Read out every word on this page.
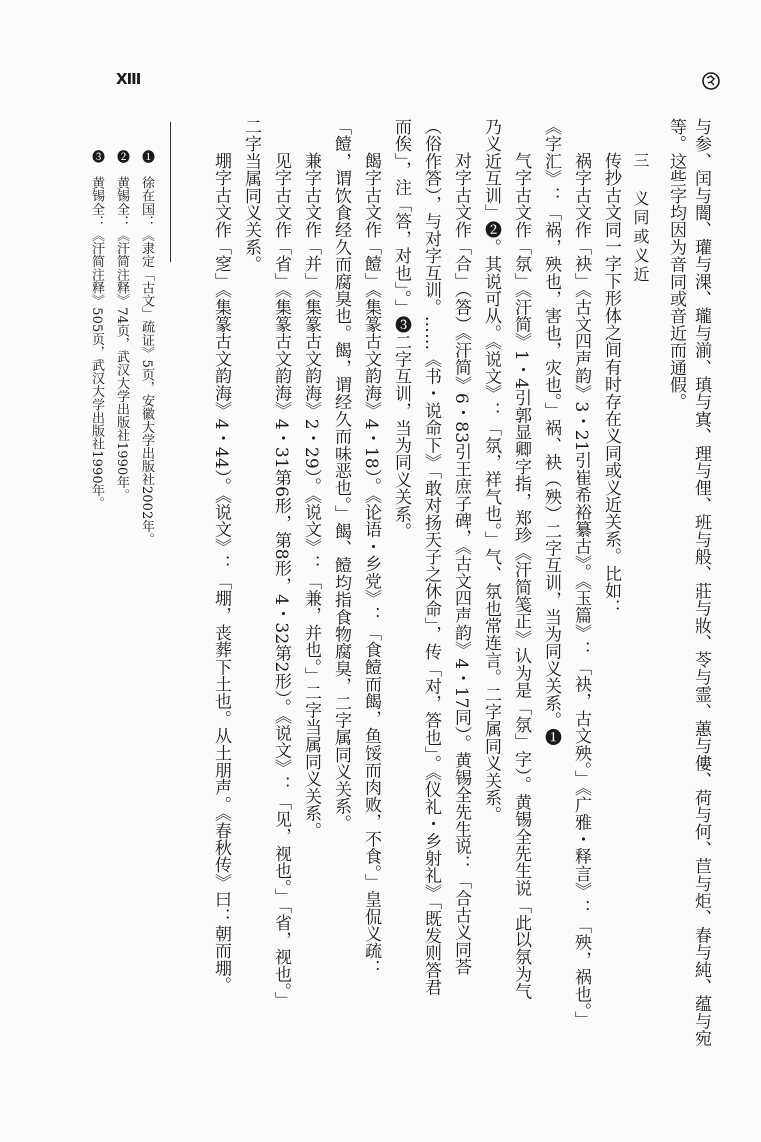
与参、闰与闇、瓘与淉、瓏与湔、瑱与寘、理与俚、班与般、莊与妝、苓与霊、蕙与僂、荷与何、苣与炬、春与純、蕴与宛
等。这些字均因为音同或音近而通假。
三　义同或义近
传抄古文同一字下形体之间有时存在义同或义近关系。比如：
祸字古文作「袂」《古文四声韵》3・21引崔希裕纂古》。《玉篇》：「袂，古文殃。」《广雅・释言》：「殃，祸也。」
《字汇》：「祸，殃也，害也，灾也。」祸、袂（殃）二字互训，当为同义关系。❶
气字古文作「氛」《汗简》1・4引郭显卿字指，郑珍《汗简笺正》认为是「氛」字）。黄锡全先生说「此以氛为气
乃义近互训」❷。其说可从。《说文》：「氛，祥气也。」气、氛也常连言。二字属同义关系。
对字古文作「合」（答）《汗简》6・83引王庶子碑，《古文四声韵》4・17同）。黄锡全先生说：「合古义同荅
（俗作答），与对字互训。……《书・说命下》「敢对扬天子之休命」，传「对，答也」。《仪礼・乡射礼》「既发则答君
而俟」，注「答，对也」。」❸二字互训，当为同义关系。
餲字古文作「饐」《集篆古文韵海》4・18）。《论语・乡党》：「食饐而餲，鱼馁而肉败，不食。」皇侃义疏：
「饐，谓饮食经久而腐臭也。餲，谓经久而味恶也。」餲、饐均指食物腐臭，二字属同义关系。
兼字古文作「并」《集篆古文韵海》2・29）。《说文》：「兼，并也。」二字当属同义关系。
见字古文作「省」《集篆古文韵海》4・31第6形，第8形，4・32第2形）。《说文》：「见，视也。」「省，视也。」
二字当属同义关系。
堋字古文作「窆」《集篆古文韵海》4・44）。《说文》：「堋，丧葬下土也。从土朋声。《春秋传》曰：朝而堋。
❶　徐在国：《隶定「古文」疏证》5页，安徽大学出版社2002年。
❷　黄锡全：《汗简注释》74页，武汉大学出版社1990年。
❸　黄锡全：《汗简注释》505页，武汉大学出版社1990年。
XIII
